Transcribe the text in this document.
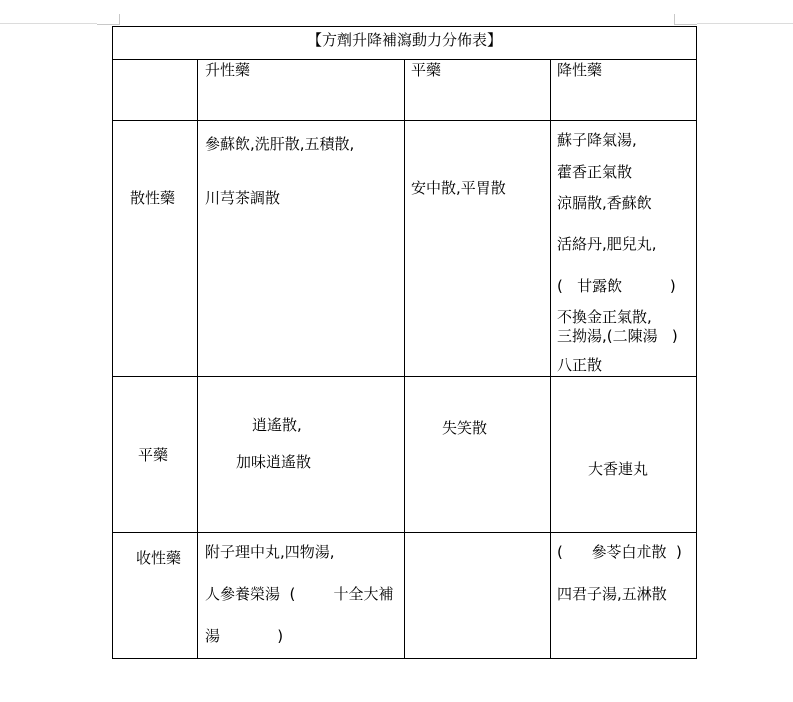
【方劑升降補瀉動力分佈表】
升性藥	平藥	降性藥
散性藥
平藥
收性藥
參蘇飲,洗肝散,五積散,
川芎茶調散
安中散,平胃散
蘇子降氣湯,
藿香正氣散
涼膈散,香蘇飲
活絡丹,肥兒丸,
(   甘露飲          )
不換金正氣散,
三拗湯,(二陳湯   )
八正散
逍遙散,
加味逍遙散
失笑散
大香連丸
附子理中丸,四物湯,
人參養榮湯  (        十全大補
湯            )
(      參苓白朮散  )
四君子湯,五淋散
